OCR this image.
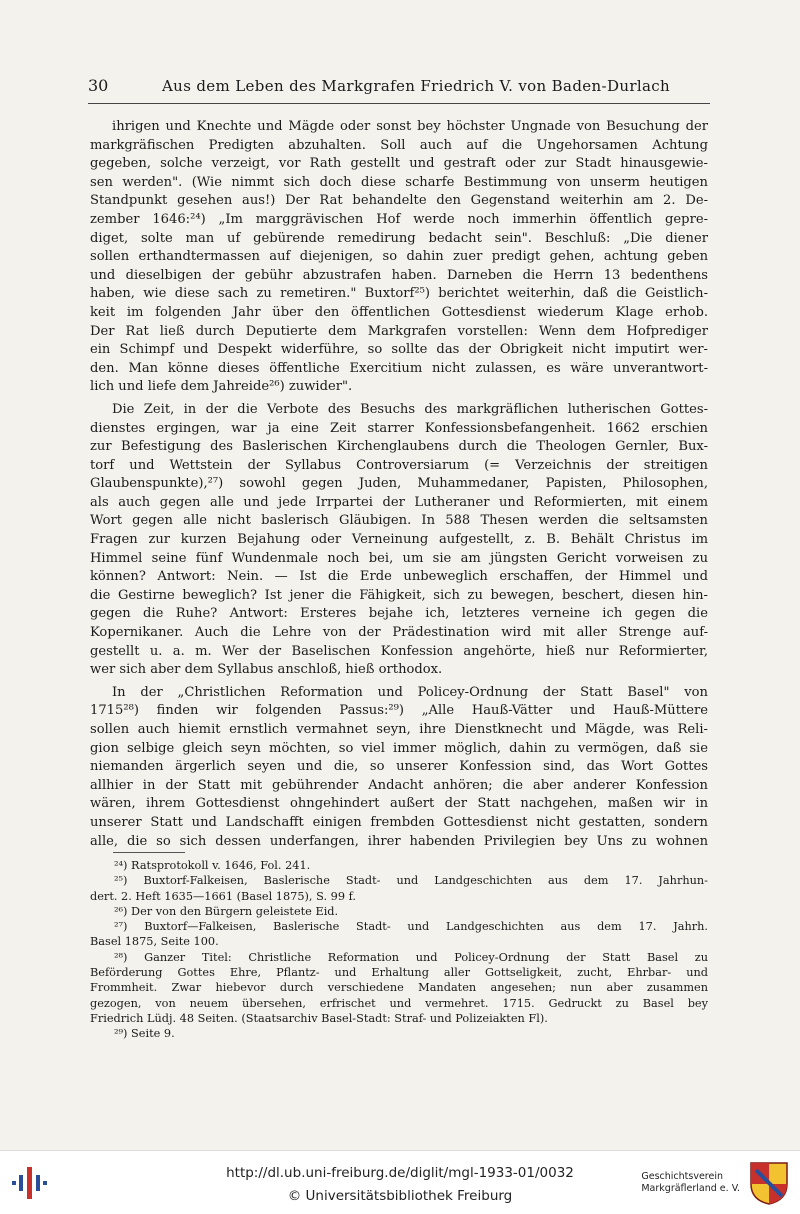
30	Aus dem Leben des Markgrafen Friedrich V. von Baden-Durlach
ihrigen und Knechte und Mägde oder sonst bey höchster Ungnade von Besuchung der
markgräfischen Predigten abzuhalten. Soll auch auf die Ungehorsamen Achtung
gegeben, solche verzeigt, vor Rath gestellt und gestraft oder zur Stadt hinausgewie-
sen werden". (Wie nimmt sich doch diese scharfe Bestimmung von unserm heutigen
Standpunkt gesehen aus!) Der Rat behandelte den Gegenstand weiterhin am 2. De-
zember 1646:²⁴) „Im marggrävischen Hof werde noch immerhin öffentlich gepre-
diget, solte man uf gebürende remedirung bedacht sein". Beschluß: „Die diener
sollen erthandtermassen auf diejenigen, so dahin zuer predigt gehen, achtung geben
und dieselbigen der gebühr abzustrafen haben. Darneben die Herrn 13 bedenthens
haben, wie diese sach zu remetiren." Buxtorf²⁵) berichtet weiterhin, daß die Geistlich-
keit im folgenden Jahr über den öffentlichen Gottesdienst wiederum Klage erhob.
Der Rat ließ durch Deputierte dem Markgrafen vorstellen: Wenn dem Hofprediger
ein Schimpf und Despekt widerführe, so sollte das der Obrigkeit nicht imputirt wer-
den. Man könne dieses öffentliche Exercitium nicht zulassen, es wäre unverantwort-
lich und liefe dem Jahreide²⁶) zuwider".
Die Zeit, in der die Verbote des Besuchs des markgräflichen lutherischen Gottes-
dienstes ergingen, war ja eine Zeit starrer Konfessionsbefangenheit. 1662 erschien
zur Befestigung des Baslerischen Kirchenglaubens durch die Theologen Gernler, Bux-
torf und Wettstein der Syllabus Controversiarum (= Verzeichnis der streitigen
Glaubenspunkte),²⁷) sowohl gegen Juden, Muhammedaner, Papisten, Philosophen,
als auch gegen alle und jede Irrpartei der Lutheraner und Reformierten, mit einem
Wort gegen alle nicht baslerisch Gläubigen. In 588 Thesen werden die seltsamsten
Fragen zur kurzen Bejahung oder Verneinung aufgestellt, z. B. Behält Christus im
Himmel seine fünf Wundenmale noch bei, um sie am jüngsten Gericht vorweisen zu
können? Antwort: Nein. — Ist die Erde unbeweglich erschaffen, der Himmel und
die Gestirne beweglich? Ist jener die Fähigkeit, sich zu bewegen, beschert, diesen hin-
gegen die Ruhe? Antwort: Ersteres bejahe ich, letzteres verneine ich gegen die
Kopernikaner. Auch die Lehre von der Prädestination wird mit aller Strenge auf-
gestellt u. a. m. Wer der Baselischen Konfession angehörte, hieß nur Reformierter,
wer sich aber dem Syllabus anschloß, hieß orthodox.
In der „Christlichen Reformation und Policey-Ordnung der Statt Basel" von
1715²⁸) finden wir folgenden Passus:²⁹) „Alle Hauß-Vätter und Hauß-Müttere
sollen auch hiemit ernstlich vermahnet seyn, ihre Dienstknecht und Mägde, was Reli-
gion selbige gleich seyn möchten, so viel immer möglich, dahin zu vermögen, daß sie
niemanden ärgerlich seyen und die, so unserer Konfession sind, das Wort Gottes
allhier in der Statt mit gebührender Andacht anhören; die aber anderer Konfession
wären, ihrem Gottesdienst ohngehindert außert der Statt nachgehen, maßen wir in
unserer Statt und Landschafft einigen frembden Gottesdienst nicht gestatten, sondern
alle, die so sich dessen underfangen, ihrer habenden Privilegien bey Uns zu wohnen
²⁴) Ratsprotokoll v. 1646, Fol. 241.
²⁵) Buxtorf-Falkeisen, Baslerische Stadt- und Landgeschichten aus dem 17. Jahrhun-
dert. 2. Heft 1635—1661 (Basel 1875), S. 99 f.
²⁶) Der von den Bürgern geleistete Eid.
²⁷) Buxtorf—Falkeisen, Baslerische Stadt- und Landgeschichten aus dem 17. Jahrh.
Basel 1875, Seite 100.
²⁸) Ganzer Titel: Christliche Reformation und Policey-Ordnung der Statt Basel zu
Beförderung Gottes Ehre, Pflantz- und Erhaltung aller Gottseligkeit, zucht, Ehrbar- und
Frommheit. Zwar hiebevor durch verschiedene Mandaten angesehen; nun aber zusammen
gezogen, von neuem übersehen, erfrischet und vermehret. 1715. Gedruckt zu Basel bey
Friedrich Lüdj. 48 Seiten. (Staatsarchiv Basel-Stadt: Straf- und Polizeiakten Fl).
²⁹) Seite 9.
http://dl.ub.uni-freiburg.de/diglit/mgl-1933-01/0032
© Universitätsbibliothek Freiburg
Geschichtsverein
Markgräflerland e. V.
